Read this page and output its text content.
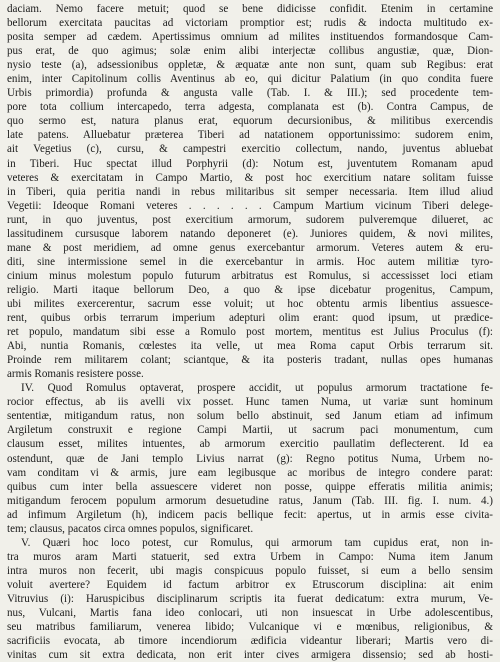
daciam. Nemo facere metuit; quod se bene didicisse confidit. Etenim in certamine
bellorum exercitata paucitas ad victoriam promptior est; rudis & indocta multitudo ex-
posita semper ad cædem. Apertissimus omnium ad milites instituendos formandosque Cam-
pus erat, de quo agimus; solæ enim alibi interjectæ collibus angustiæ, quæ, Dion-
nysio teste (a), adsessionibus oppletæ, & æquatæ ante non sunt, quam sub Regibus: erat
enim, inter Capitolinum collis Aventinus ab eo, qui dicitur Palatium (in quo condita fuere
Urbis primordia) profunda & angusta valle (Tab. I. & III.); sed procedente tem-
pore tota collium intercapedo, terra adgesta, complanata est (b). Contra Campus, de
quo sermo est, natura planus erat, equorum decursionibus, & militibus exercendis
late patens. Alluebatur præterea Tiberi ad natationem opportunissimo: sudorem enim,
ait Vegetius (c), cursu, & campestri exercitio collectum, nando, juventus abluebat
in Tiberi. Huc spectat illud Porphyrii (d): Notum est, juventutem Romanam apud
veteres & exercitatam in Campo Martio, & post hoc exercitium natare solitam fuisse
in Tiberi, quia peritia nandi in rebus militaribus sit semper necessaria. Item illud aliud
Vegetii: Ideoque Romani veteres . . . . . . Campum Martium vicinum Tiberi delege-
runt, in quo juventus, post exercitium armorum, sudorem pulveremque dilueret, ac
lassitudinem cursusque laborem natando deponeret (e). Juniores quidem, & novi milites,
mane & post meridiem, ad omne genus exercebantur armorum. Veteres autem & eru-
diti, sine intermissione semel in die exercebantur in armis. Hoc autem militiæ tyro-
cinium minus molestum populo futurum arbitratus est Romulus, si accessisset loci etiam
religio. Marti itaque bellorum Deo, a quo & ipse dicebatur progenitus, Campum,
ubi milites exercerentur, sacrum esse voluit; ut hoc obtentu armis libentius assuesce-
rent, quibus orbis terrarum imperium adepturi olim erant: quod ipsum, ut prædice-
ret populo, mandatum sibi esse a Romulo post mortem, mentitus est Julius Proculus (f):
Abi, nuntia Romanis, cœlestes ita velle, ut mea Roma caput Orbis terrarum sit.
Proinde rem militarem colant; sciantque, & ita posteris tradant, nullas opes humanas
armis Romanis resistere posse.
IV. Quod Romulus optaverat, prospere accidit, ut populus armorum tractatione fe-
rocior effectus, ab iis avelli vix posset. Hunc tamen Numa, ut variæ sunt hominum
sententiæ, mitigandum ratus, non solum bello abstinuit, sed Janum etiam ad infimum
Argiletum construxit e regione Campi Martii, ut sacrum paci monumentum, cum
clausum esset, milites intuentes, ab armorum exercitio paullatim deflecterent. Id ea
ostendunt, quæ de Jani templo Livius narrat (g): Regno potitus Numa, Urbem no-
vam conditam vi & armis, jure eam legibusque ac moribus de integro condere parat:
quibus cum inter bella assuescere videret non posse, quippe efferatis militia animis;
mitigandum ferocem populum armorum desuetudine ratus, Janum (Tab. III. fig. I. num. 4.)
ad infimum Argiletum (h), indicem pacis bellique fecit: apertus, ut in armis esse civita-
tem; clausus, pacatos circa omnes populos, significaret.
V. Quæri hoc loco potest, cur Romulus, qui armorum tam cupidus erat, non in-
tra muros aram Marti statuerit, sed extra Urbem in Campo: Numa item Janum
intra muros non fecerit, ubi magis conspicuus populo fuisset, si eum a bello sensim
voluit avertere? Equidem id factum arbitror ex Etruscorum disciplina: ait enim
Vitruvius (i): Haruspicibus disciplinarum scriptis ita fuerat dedicatum: extra murum, Ve-
nus, Vulcani, Martis fana ideo conlocari, uti non insuescat in Urbe adolescentibus,
seu matribus familiarum, venerea libido; Vulcanique vi e mœnibus, religionibus, &
sacrificiis evocata, ab timore incendiorum ædificia videantur liberari; Martis vero di-
vinitas cum sit extra dedicata, non erit inter cives armigera dissensio; sed ab hosti-
